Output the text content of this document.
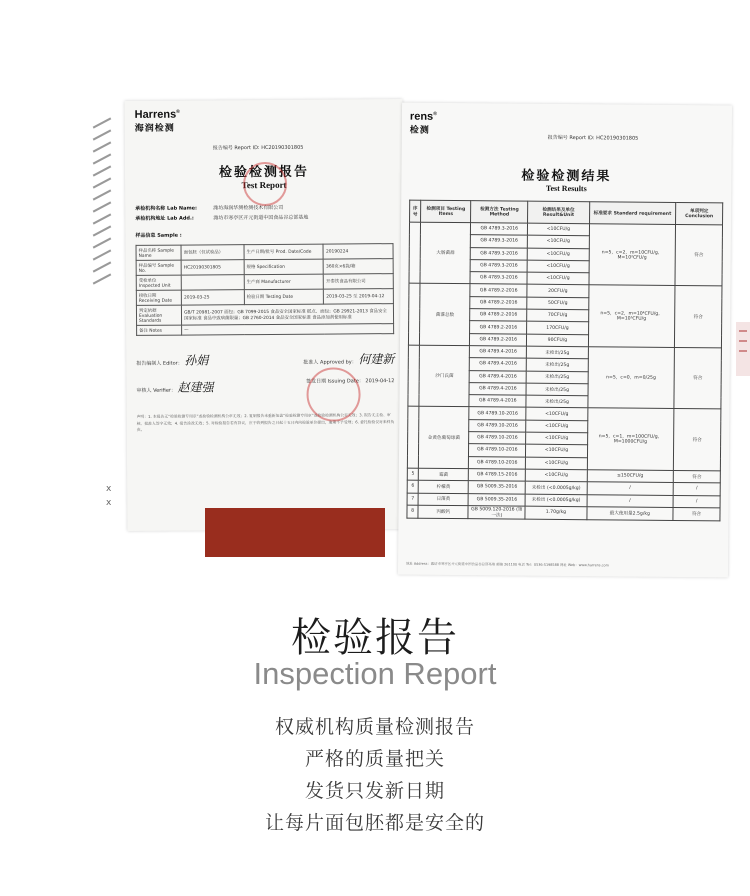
x
x
Harrens®
海润检测
报告编号 Report ID: HC20190301805
检验检测报告
Test Report
承检机构名称 Lab Name:	潍坊海润华测检测技术有限公司
承检机构地址 Lab Add.:	潍坊市寒亭区开元街道中国食品谷总部基地
样品信息 Sample :
样品名称 Sample Name	面包胚（仅试验品）	生产日期/批号 Prod. Date/Code	20190224
样品编号 Sample No.	HC20190301805	规格 Specification	360克×6袋/箱
受检单位 Inspected Unit		生产商 Manufacturer	开泰饮食品有限公司
接收日期 Receiving Date	2019-03-25	检验日期 Testing Date	2019-03-25 至 2019-04-12
判定依据 Evaluation Standards	GB/T 20981-2007 面包；GB 7099-2015 食品安全国家标准 糕点、面包；GB 29921-2013 食品安全国家标准 食品中致病菌限量；GB 2760-2014 食品安全国家标准 食品添加剂使用标准		
备注 Notes	—		
报告编制人 Editor： 孙娟	批准人 Approved by： 何建新
审核人 Verifier： 赵建强	签发日期 Issuing Date： 2019-04-12
声明：1. 本报告无“检验检测专用章”或检验检测机构公章无效；2. 复制报告未重新加盖“检验检测专用章”或检验检测机构公章无效；3. 报告无主检、审核、批准人签字无效；4. 报告涂改无效；5. 对检验报告若有异议，应于收到报告之日起十五日内向检验单位提出，逾期不予受理；6. 委托检验仅对来样负责。
rens®
检测
报告编号 Report ID: HC20190301805
检验检测结果
Test Results
序号	检测项目 Testing Items	检测方法 Testing Method	检测结果及单位 Result&Unit	标准要求 Standard requirement	单项判定 Conclusion
	大肠菌群	GB 4789.3-2016	<10CFU/g	n=5，c=2，m=10CFU/g，M=10²CFU/g	符合
		GB 4789.3-2016	<10CFU/g		
		GB 4789.3-2016	<10CFU/g		
		GB 4789.3-2016	<10CFU/g		
		GB 4789.3-2016	<10CFU/g		
	菌落总数	GB 4789.2-2016	20CFU/g	n=5，c=2，m=10⁴CFU/g，M=10⁵CFU/g	符合
		GB 4789.2-2016	50CFU/g		
		GB 4789.2-2016	70CFU/g		
		GB 4789.2-2016	170CFU/g		
		GB 4789.2-2016	90CFU/g		
	沙门氏菌	GB 4789.4-2016	未检出/25g	n=5，c=0，m=0/25g	符合
		GB 4789.4-2016	未检出/25g		
		GB 4789.4-2016	未检出/25g		
		GB 4789.4-2016	未检出/25g		
		GB 4789.4-2016	未检出/25g		
	金黄色葡萄球菌	GB 4789.10-2016	<10CFU/g	n=5，c=1，m=100CFU/g，M=1000CFU/g	符合
		GB 4789.10-2016	<10CFU/g		
		GB 4789.10-2016	<10CFU/g		
		GB 4789.10-2016	<10CFU/g		
		GB 4789.10-2016	<10CFU/g		
5	霉菌	GB 4789.15-2016	<10CFU/g	≤150CFU/g	符合
6	柠檬黄	GB 5009.35-2016	未检出 (<0.0005g/kg)	/	/
7	日落黄	GB 5009.35-2016	未检出 (<0.0005g/kg)	/	/
8	丙酸钙	GB 5009.120-2016 (第一法)	1.70g/kg	最大使用量2.5g/kg	符合
地址 Address：潍坊市寒亭区开元街道中国食品谷总部基地 邮编 261100 电话 Tel：0536-5198588 网址 Web：www.harrens.com
检验报告
Inspection Report
权威机构质量检测报告
严格的质量把关
发货只发新日期
让每片面包胚都是安全的
